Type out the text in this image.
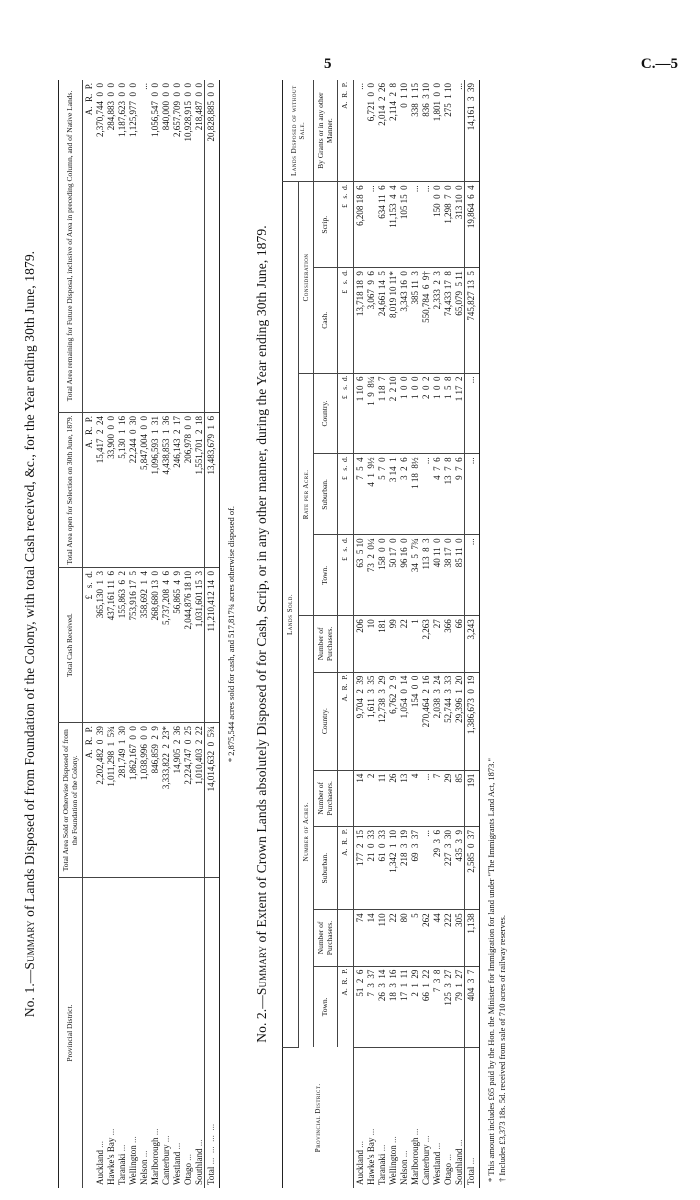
5	C.—5
No. 1.—Summary of Lands Disposed of from Foundation of the Colony, with total Cash received, &c., for the Year ending 30th June, 1879.
Provincial District.	Total Area Sold or Otherwise Disposed of from the Foundation of the Colony.	Total Cash Received.	Total Area open for Selection on 30th June, 1879.	Total Area remaining for Future Disposal, inclusive of Area in preceding Column, and of Native Lands.
	A.  R.  P.	£   s.  d.	A.  R.  P.	A.  R.  P.
Auckland ...	2,202,482  0  39	365,130  1  3	15,417  2  24	2,370,744  0  0
Hawke's Bay ...	1,011,298  1  5¾	437,161 11  6	33,900  0  0	284,883  0  0
Taranaki ...	281,749  1  30	155,863  6  2	5,130  1  16	1,187,623  0  0
Wellington ...	1,862,167  0  0	753,916 17  5	22,244  0  30	1,125,977  0  0
Nelson ...	1,038,996  0  0	358,692  1  4	5,847,004  0  0	...
Marlborough ...	846,859  2  9	268,680 13  0	1,096,593  1  31	1,056,547  0  0
Canterbury ...	3,333,822  2  23*	5,737,208  4  6	4,438,853  1  36	840,000  0  0
Westland ...	14,905  2  36	56,865  4  9	246,143  2  17	2,657,709  0  0
Otago ...	2,224,747  0  25	2,044,876 18 10	206,978  0  0	10,928,915  0  0
Southland ...	1,010,403  2  22	1,031,601 15  3	1,551,701  2  18	218,487  0  0
Total ...  ...  ...  ...	14,014,632  0  5¾	11,210,412 14  0	13,483,679  1  6	20,828,885  0  0
* 2,875,544 acres sold for cash, and 517,817¾ acres otherwise disposed of.
No. 2.—Summary of Extent of Crown Lands absolutely Disposed of for Cash, Scrip, or in any other manner, during the Year ending 30th June, 1879.
Provincial District.	Lands Sold.											Lands Disposed of without Sale.
	Number of Acres.						Rate per Acre.			Consideration		
	Town.	Number of Purchasers.	Suburban.	Number of Purchasers.	Country.	Number of Purchasers.	Town.	Suburban.	Country.	Cash.	Scrip.	By Grants or in any other Manner.
	A.  R.  P.		A.  R.  P.		A.  R.  P.		£   s.  d.	£   s.  d.	£   s.  d.	£   s.  d.	£   s.  d.	A.  R.  P.
Auckland ...	51  2  6	74	177  2  15	14	9,704  2  39	206	63  5 10	7  5  4	1 10  6	13,718 18  9	6,208 18  6	...
Hawke's Bay ...	7  3  37	14	21  0  33	2	1,611  3  35	10	73  2  0¼	4  1  9½	1  9  8¼	3,067  9  6	...	6,721  0  0
Taranaki ...	26  3  14	110	61  0  33	11	12,738  3  29	181	158  0  0	5  7  0	1 18  7	24,661 14  5	634 11  6	2,014  2  26
Wellington ...	18  3  16	22	1,342  1  10	26	6,762  2  9	99	50 17  0	3 14  1	2  2 10	8,019 10 11*	11,153  4  4	2,114  2  8
Nelson ...	17  1  11	80	218  3  19	13	1,054  0  14	22	96 16  0	3  2  6	1  0  0	3,343 16  0	105 15  0	0  1 10
Marlborough ...	2  1  29	5	69  3  37	4	154  0  0	1	34  5  7¾	1 18  8½	1  0  0	385 11  3	...	338  1 15
Canterbury ...	66  1  22	262	...	...	270,464  2  16	2,263	113  8  3	...	2  0  2	550,784  6  9†	...	836  3 10
Westland ...	7  3  8	44	29  3  6	7	2,038  3  24	27	40 11  0	4  7  6	1  0  0	2,333  2  3	150  0  0	1,801  0  0
Otago ...	125  3  27	222	227  3  30	29	52,744  3  33	366	38 17  0	13  7  8	1  5  8	74,433 17  8	1,298  7  0	275  1 10
Southland ...	79  1  27	305	435  3  9	85	29,396  1  20	66	85 11  0	9  7  6	1 17  2	65,079  5 11	313 10  0	...
Total ...	404  3  7	1,138	2,585  0  37	191	1,386,673  0  19	3,243	...	...	...	745,827 13  5	19,864  6  4	14,161  3  39
* This amount includes £65 paid by the Hon. the Minister for Immigration for land under "The Immigrants Land Act, 1873." † Includes £3,373 18s. 5d. received from sale of 710 acres of railway reserves.
